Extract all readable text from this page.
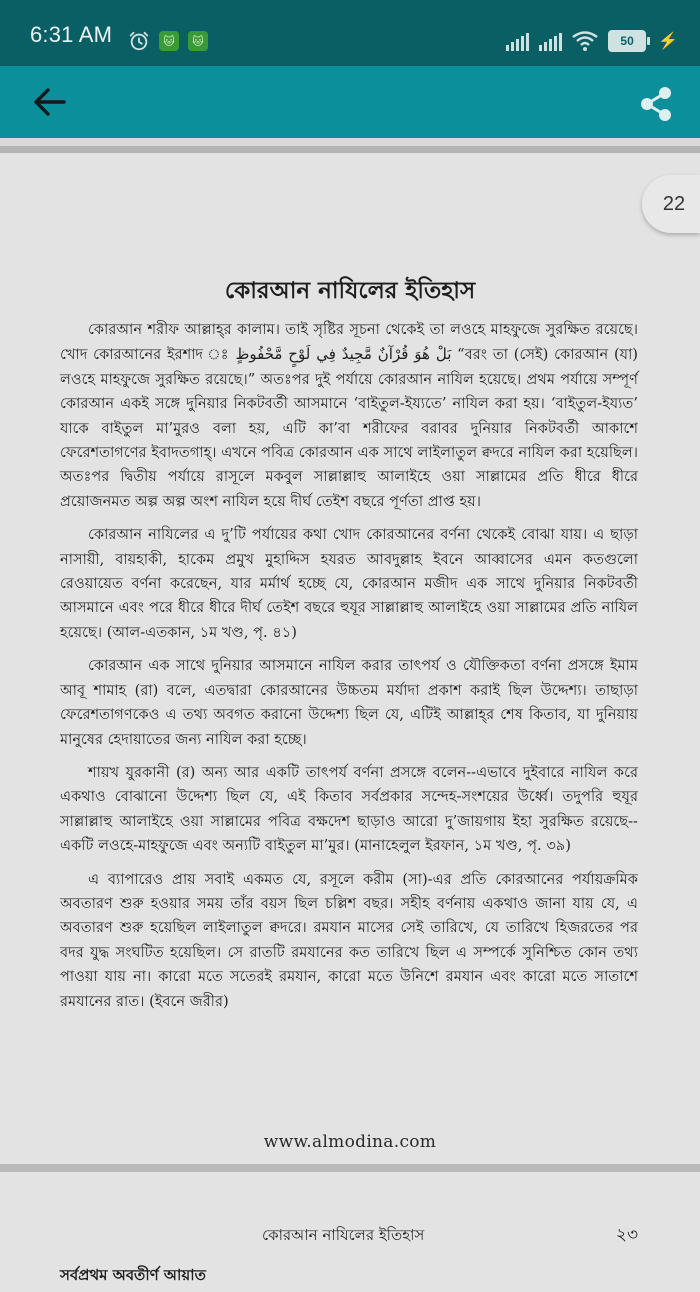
6:31 AM	🐱	🐱	50	⚡
22
কোরআন নাযিলের ইতিহাস

কোরআন শরীফ আল্লাহ্‌র কালাম। তাই সৃষ্টির সূচনা থেকেই তা লওহে মাহফুজে সুরক্ষিত রয়েছে। খোদ কোরআনের ইরশাদ ঃ بَلْ هُوَ قُرْآنٌ مَّجِيدٌ فِي لَوْحٍ مَّحْفُوظٍ “বরং তা (সেই) কোরআন (যা) লওহে মাহফুজে সুরক্ষিত রয়েছে।” অতঃপর দুই পর্যায়ে কোরআন নাযিল হয়েছে। প্রথম পর্যায়ে সম্পূর্ণ কোরআন একই সঙ্গে দুনিয়ার নিকটবর্তী আসমানে ‘বাইতুল-ইয্যতে’ নাযিল করা হয়। ‘বাইতুল-ইয্যত’ যাকে বাইতুল মা’মুরও বলা হয়, এটি কা’বা শরীফের বরাবর দুনিয়ার নিকটবর্তী আকাশে ফেরেশতাগণের ইবাদতগাহ্‌। এখনে পবিত্র কোরআন এক সাথে লাইলাতুল ক্বদরে নাযিল করা হয়েছিল। অতঃপর দ্বিতীয় পর্যায়ে রাসূলে মকবুল সাল্লাল্লাহু আলাইহে ওয়া সাল্লামের প্রতি ধীরে ধীরে প্রয়োজনমত অল্প অল্প অংশ নাযিল হয়ে দীর্ঘ তেইশ বছরে পূর্ণতা প্রাপ্ত হয়।

কোরআন নাযিলের এ দু’টি পর্যায়ের কথা খোদ কোরআনের বর্ণনা থেকেই বোঝা যায়। এ ছাড়া নাসায়ী, বায়হাকী, হাকেম প্রমুখ মুহাদ্দিস হযরত আবদুল্লাহ ইবনে আব্বাসের এমন কতগুলো রেওয়ায়েত বর্ণনা করেছেন, যার মর্মার্থ হচ্ছে যে, কোরআন মজীদ এক সাথে দুনিয়ার নিকটবর্তী আসমানে এবং পরে ধীরে ধীরে দীর্ঘ তেইশ বছরে হুযূর সাল্লাল্লাহু আলাইহে ওয়া সাল্লামের প্রতি নাযিল হয়েছে। (আল-এতকান, ১ম খণ্ড, পৃ. ৪১)

কোরআন এক সাথে দুনিয়ার আসমানে নাযিল করার তাৎপর্য ও যৌক্তিকতা বর্ণনা প্রসঙ্গে ইমাম আবূ শামাহ (রা) বলে, এতদ্বারা কোরআনের উচ্চতম মর্যাদা প্রকাশ করাই ছিল উদ্দেশ্য। তাছাড়া ফেরেশতাগণকেও এ তথ্য অবগত করানো উদ্দেশ্য ছিল যে, এটিই আল্লাহ্‌র শেষ কিতাব, যা দুনিয়ায় মানুষের হেদায়াতের জন্য নাযিল করা হচ্ছে।

শায়খ যুরকানী (র) অন্য আর একটি তাৎপর্য বর্ণনা প্রসঙ্গে বলেন--এভাবে দুইবারে নাযিল করে একথাও বোঝানো উদ্দেশ্য ছিল যে, এই কিতাব সর্বপ্রকার সন্দেহ-সংশয়ের উর্ধ্বে। তদুপরি হুযূর সাল্লাল্লাহু আলাইহে ওয়া সাল্লামের পবিত্র বক্ষদেশ ছাড়াও আরো দু’জায়গায় ইহা সুরক্ষিত রয়েছে-- একটি লওহে-মাহফুজে এবং অন্যটি বাইতুল মা’মুর। (মানাহেলুল ইরফান, ১ম খণ্ড, পৃ. ৩৯)

এ ব্যাপারেও প্রায় সবাই একমত যে, রসূলে করীম (সা)-এর প্রতি কোরআনের পর্যায়ক্রমিক অবতারণ শুরু হওয়ার সময় তাঁর বয়স ছিল চল্লিশ বছর। সহীহ বর্ণনায় একথাও জানা যায় যে, এ অবতারণ শুরু হয়েছিল লাইলাতুল ক্বদরে। রমযান মাসের সেই তারিখে, যে তারিখে হিজরতের পর বদর যুদ্ধ সংঘটিত হয়েছিল। সে রাতটি রমযানের কত তারিখে ছিল এ সম্পর্কে সুনিশ্চিত কোন তথ্য পাওয়া যায় না। কারো মতে সতেরই রমযান, কারো মতে উনিশে রমযান এবং কারো মতে সাতাশে রমযানের রাত। (ইবনে জরীর)

www.almodina.com
কোরআন নাযিলের ইতিহাস	২৩
সর্বপ্রথম অবতীর্ণ আয়াত
